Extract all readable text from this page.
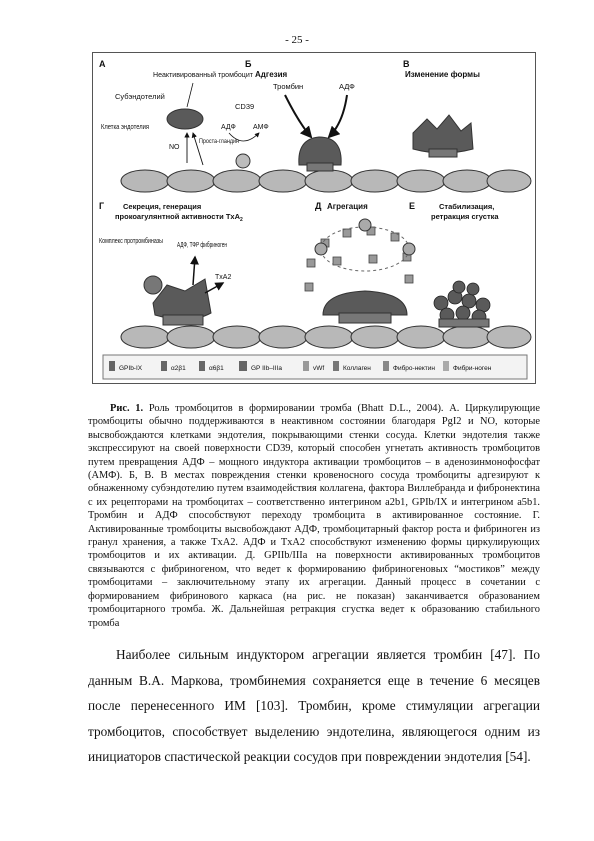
- 25 -
А	Б
Адгезия
В
Изменение формы
Г	Секреция, генерация
прокоагулянтной активности TxA 2
Д Агрегация	Е	Стабилизация,
ретракция сгустка
Неактивированный тромбоцит
Субэндотелий
Клетка эндотелия
NO
Проста-гландин
CD39
АДФ АМФ
Тромбин	АДФ
Комплекс протромбиназы АДФ, ТФР фибриноген
TxA2
GPIb-IX	α2β1	α6β1	GP IIb–IIIa	vWf	Коллаген	Фибро-нектин	Фибри-ноген

Рис. 1. Роль тромбоцитов в формировании тромба (Bhatt D.L., 2004). А. Циркулирующие тромбоциты обычно поддерживаются в неактивном состоянии благодаря PgI2 и NO, которые высвобождаются клетками эндотелия, покрывающими стенки сосуда. Клетки эндотелия также экспрессируют на своей поверхности CD39, который способен угнетать активность тромбоцитов путем превращения АДФ – мощного индуктора активации тромбоцитов – в аденозинмонофосфат (АМФ). Б, В. В местах повреждения стенки кровеносного сосуда тромбоциты адгезируют к обнаженному субэндотелию путем взаимодействия коллагена, фактора Виллебранда и фибронектина с их рецепторами на тромбоцитах – соответственно интегрином a2b1, GPIb/IX и интегрином a5b1. Тромбин и АДФ способствуют переходу тромбоцита в активированное состояние. Г. Активированные тромбоциты высвобождают АДФ, тромбоцитарный фактор роста и фибриноген из гранул хранения, а также TxA2. АДФ и TxA2 способствуют изменению формы циркулирующих тромбоцитов и их активации. Д. GPIIb/IIIa на поверхности активированных тромбоцитов связываются с фибриногеном, что ведет к формированию фибриногеновых “мостиков” между тромбоцитами – заключительному этапу их агрегации. Данный процесс в сочетании с формированием фибринового каркаса (на рис. не показан) заканчивается образованием тромбоцитарного тромба. Ж. Дальнейшая ретракция сгустка ведет к образованию стабильного тромба

Наиболее сильным индуктором агрегации является тромбин [47]. По данным В.А. Маркова, тромбинемия сохраняется еще в течение 6 месяцев после перенесенного ИМ [103]. Тромбин, кроме стимуляции агрегации тромбоцитов, способствует выделению эндотелина, являющегося одним из инициаторов спастической реакции сосудов при повреждении эндотелия [54].
